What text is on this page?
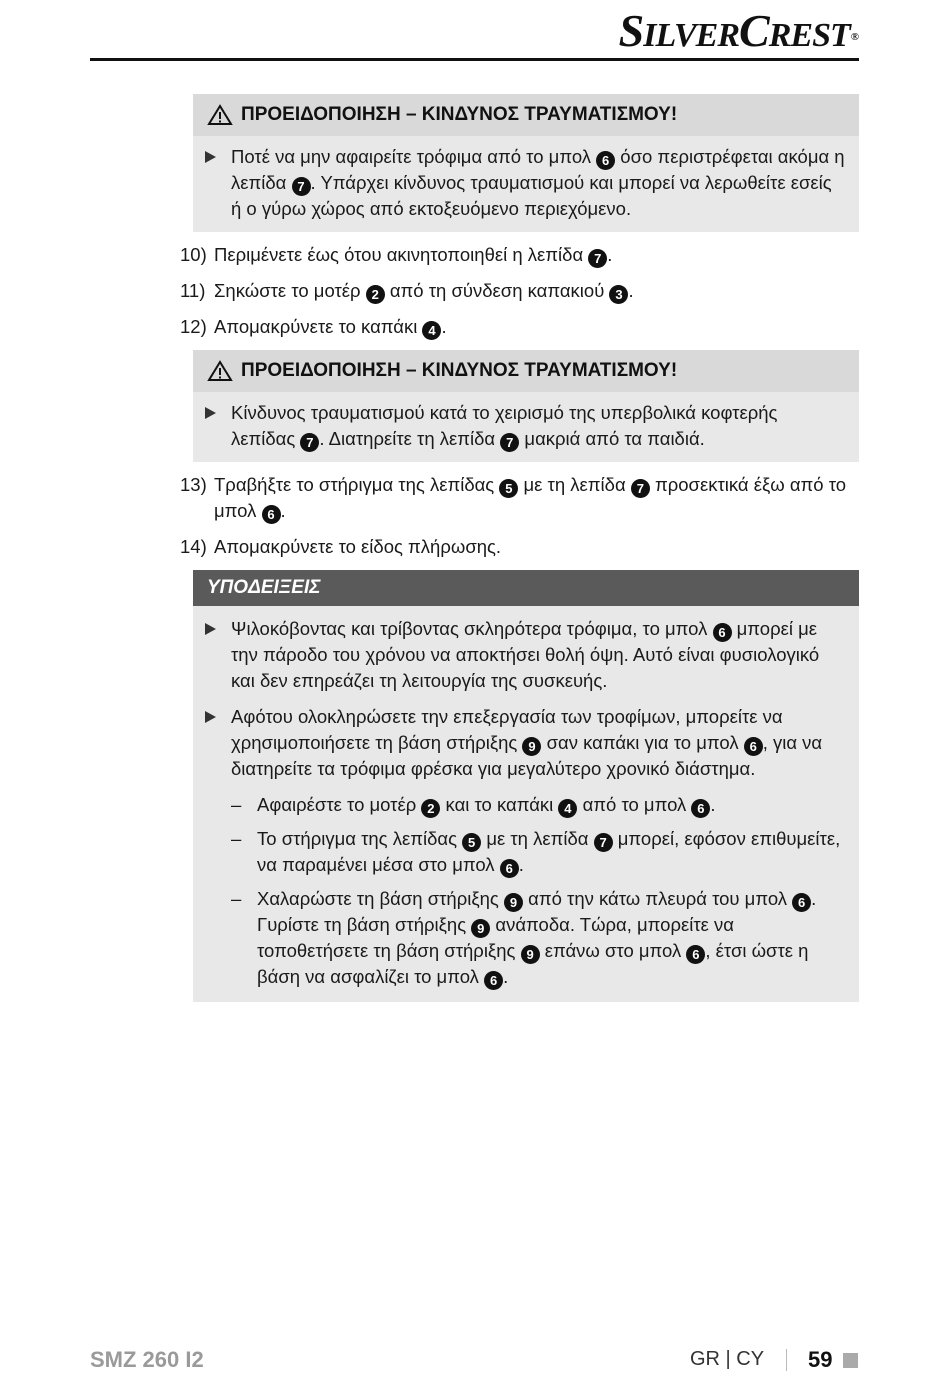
SILVERCREST®
ΠΡΟΕΙΔΟΠΟΙΗΣΗ – ΚΙΝΔΥΝΟΣ ΤΡΑΥΜΑΤΙΣΜΟΥ!
Ποτέ να μην αφαιρείτε τρόφιμα από το μπολ 6 όσο περιστρέφεται ακόμα η λεπίδα 7 . Υπάρχει κίνδυνος τραυματισμού και μπορεί να λερωθείτε εσείς ή ο γύρω χώρος από εκτοξευόμενο περιεχόμενο.
10) Περιμένετε έως ότου ακινητοποιηθεί η λεπίδα 7 .
11) Σηκώστε το μοτέρ 2 από τη σύνδεση καπακιού 3 .
12) Απομακρύνετε το καπάκι 4 .
ΠΡΟΕΙΔΟΠΟΙΗΣΗ – ΚΙΝΔΥΝΟΣ ΤΡΑΥΜΑΤΙΣΜΟΥ!
Κίνδυνος τραυματισμού κατά το χειρισμό της υπερβολικά κοφτερής λεπίδας 7 . Διατηρείτε τη λεπίδα 7 μακριά από τα παιδιά.
13) Τραβήξτε το στήριγμα της λεπίδας 5 με τη λεπίδα 7 προσεκτικά έξω από το μπολ 6 .
14) Απομακρύνετε το είδος πλήρωσης.
ΥΠΟΔΕΙΞΕΙΣ
Ψιλοκόβοντας και τρίβοντας σκληρότερα τρόφιμα, το μπολ 6 μπορεί με την πάροδο του χρόνου να αποκτήσει θολή όψη. Αυτό είναι φυσιολογικό και δεν επηρεάζει τη λειτουργία της συσκευής.
Αφότου ολοκληρώσετε την επεξεργασία των τροφίμων, μπορείτε να χρησιμοποιήσετε τη βάση στήριξης 9 σαν καπάκι για το μπολ 6 , για να διατηρείτε τα τρόφιμα φρέσκα για μεγαλύτερο χρονικό διάστημα.
– Αφαιρέστε το μοτέρ 2 και το καπάκι 4 από το μπολ 6 .
– Το στήριγμα της λεπίδας 5 με τη λεπίδα 7 μπορεί, εφόσον επιθυμείτε, να παραμένει μέσα στο μπολ 6 .
– Χαλαρώστε τη βάση στήριξης 9 από την κάτω πλευρά του μπολ 6 . Γυρίστε τη βάση στήριξης 9 ανάποδα. Τώρα, μπορείτε να τοποθετήσετε τη βάση στήριξης 9 επάνω στο μπολ 6 , έτσι ώστε η βάση να ασφαλίζει το μπολ 6 .
SMZ 260 I2	GR | CY 59
